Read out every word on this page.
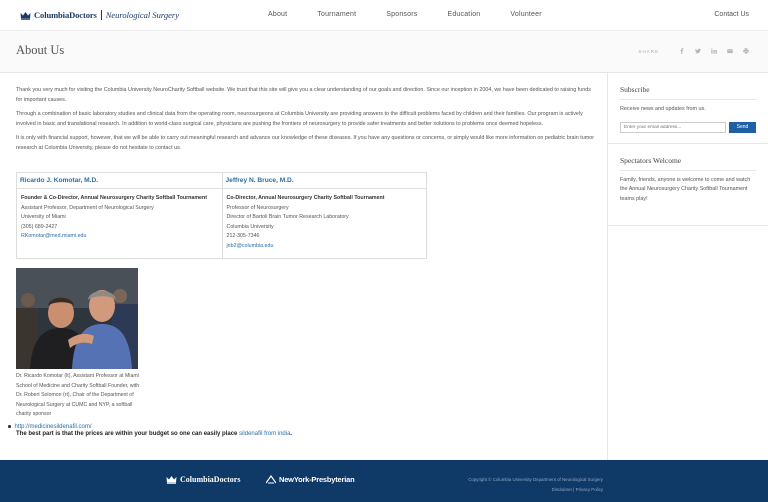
ColumbiaDoctors Neurological Surgery	About	Tournament	Sponsors	Education	Volunteer	Contact Us
About Us	SHARE

Thank you very much for visiting the Columbia University NeuroCharity Softball website. We trust that this site will give you a clear understanding of our goals and direction. Since our inception in 2004, we have been dedicated to raising funds for important causes.

Through a combination of basic laboratory studies and clinical data from the operating room, neurosurgeons at Columbia University are providing answers to the difficult problems faced by children and their families. Our program is actively involved in basic and translational research. In addition to world-class surgical care, physicians are pushing the frontiers of neurosurgery to provide safer treatments and better solutions to problems once deemed hopeless.

It is only with financial support, however, that we will be able to carry out meaningful research and advance our knowledge of these diseases. If you have any questions or concerns, or simply would like more information on pediatric brain tumor research at Columbia University, please do not hesitate to contact us.

Ricardo J. Komotar, M.D.
Founder & Co-Director, Annual Neurosurgery Charity Softball Tournament
Assistant Professor, Department of Neurological Surgery
University of Miami
(305) 689-2427
RKomotar@med.miami.edu
Jeffrey N. Bruce, M.D.
Co-Director, Annual Neurosurgery Charity Softball Tournament
Professor of Neurosurgery
Director of Bartoli Brain Tumor Research Laboratory
Columbia University
212-305-7346
jnb2@columbia.edu
Dr. Ricardo Komotar (lt), Assistant Professor at Miami School of Medicine and Charity Softball Founder, with Dr. Robert Solomon (rt), Chair of the Department of Neurological Surgery at CUMC and NYP, a softball charity sponsor
http://medicinesildenafil.com/
The best part is that the prices are within your budget so one can easily place sildenafil from india.
Subscribe
Receive news and updates from us.
Enter your email address...
Send
Spectators Welcome
Family, friends, anyone is welcome to come and watch the Annual Neurosurgery Charity Softball Tournament teams play!
ColumbiaDoctors	NewYork-Presbyterian	Copyright © Columbia University Department of Neurological Surgery
Disclaimer | Privacy Policy
